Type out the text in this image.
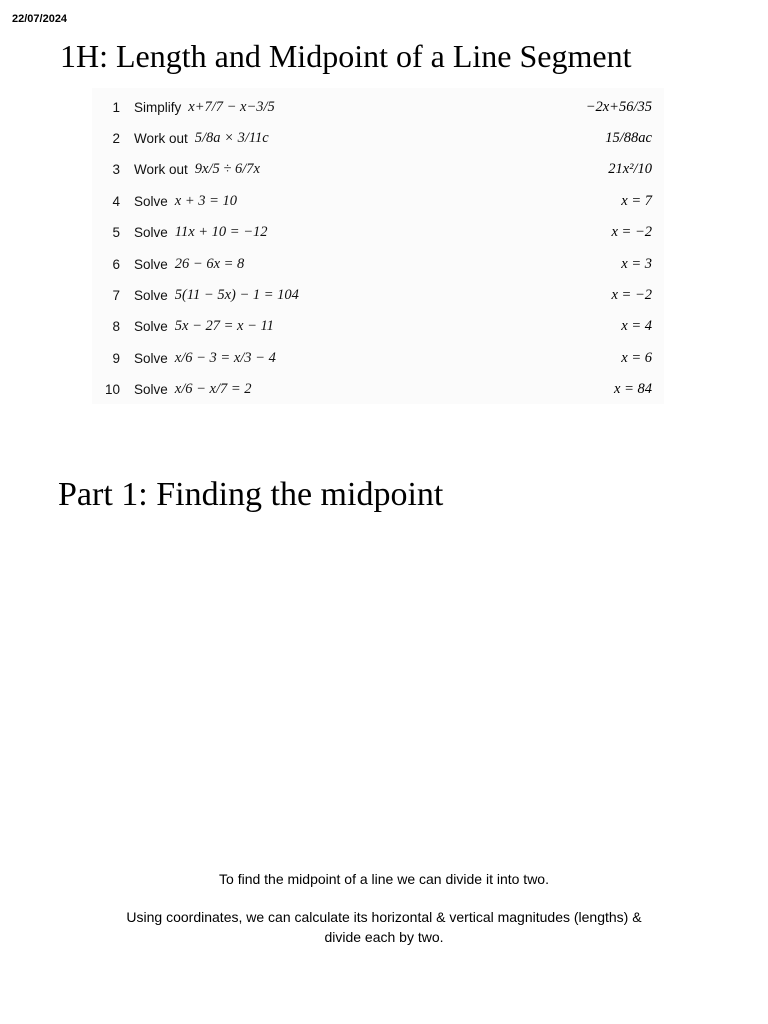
22/07/2024
1H: Length and Midpoint of a Line Segment
1 Simplify x+7/7 − x−3/5	−2x+56/35
2 Work out 5/8a × 3/11c	15/88ac
3 Work out 9x/5 ÷ 6/7x	21x²/10
4 Solve x + 3 = 10	x = 7
5 Solve 11x + 10 = −12	x = −2
6 Solve 26 − 6x = 8	x = 3
7 Solve 5(11 − 5x) − 1 = 104	x = −2
8 Solve 5x − 27 = x − 11	x = 4
9 Solve x/6 − 3 = x/3 − 4	x = 6
10 Solve x/6 − x/7 = 2	x = 84
Part 1: Finding the midpoint
To find the midpoint of a line we can divide it into two.
Using coordinates, we can calculate its horizontal & vertical magnitudes (lengths) & divide each by two.
